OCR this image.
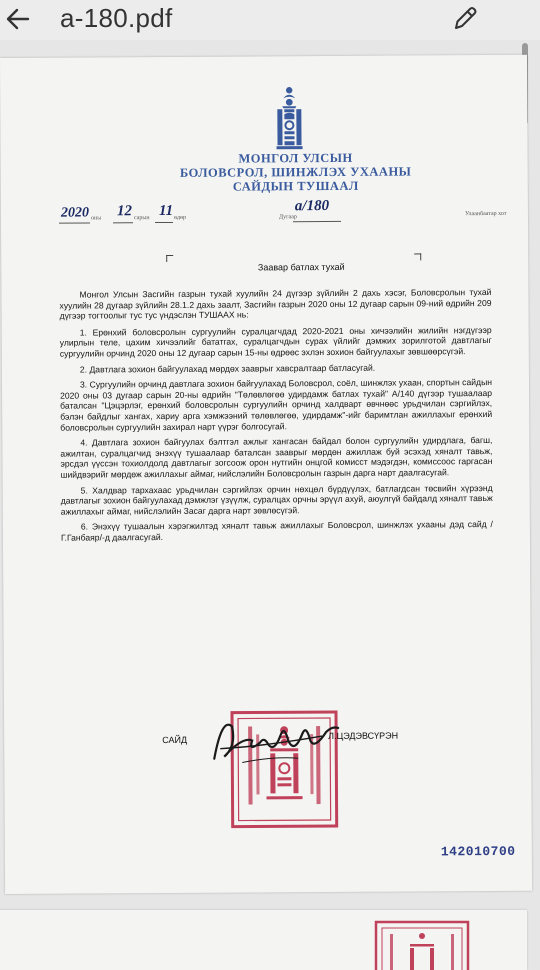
a-180.pdf
МОНГОЛ УЛСЫН
БОЛОВСРОЛ, ШИНЖЛЭХ УХААНЫ
САЙДЫН ТУШААЛ
2020 оны 12 сарын 11 өдөр	Дугаар
а/180	Улаанбаатар хот
Заавар батлах тухай

Монгол Улсын Засгийн газрын тухай хуулийн 24 дүгээр зүйлийн 2 дахь хэсэг, Боловсролын тухай хуулийн 28 дугаар зүйлийн 28.1.2 дахь заалт, Засгийн газрын 2020 оны 12 дугаар сарын 09-ний өдрийн 209 дүгээр тогтоолыг тус тус үндэслэн ТУШААХ нь:

1. Ерөнхий боловсролын сургуулийн суралцагчдад 2020-2021 оны хичээлийн жилийн нэгдүгээр улирлын теле, цахим хичээлийг бататгах, суралцагчдын сурах үйлийг дэмжих зорилготой давтлагыг сургуулийн орчинд 2020 оны 12 дугаар сарын 15-ны өдрөөс эхлэн зохион байгуулахыг зөвшөөрсүгэй.

2. Давтлага зохион байгуулахад мөрдөх зааврыг хавсралтаар батласугай.

3. Сургуулийн орчинд давтлага зохион байгуулахад Боловсрол, соёл, шинжлэх ухаан, спортын сайдын 2020 оны 03 дугаар сарын 20-ны өдрийн "Төлөвлөгөө удирдамж батлах тухай" А/140 дүгээр тушаалаар баталсан "Цэцэрлэг, ерөнхий боловсролын сургуулийн орчинд халдварт өвчнөөс урьдчилан сэргийлэх, бэлэн байдлыг хангах, хариу арга хэмжээний төлөвлөгөө, удирдамж"-ийг баримтлан ажиллахыг ерөнхий боловсролын сургуулийн захирал нарт үүрэг болгосугай.

4. Давтлага зохион байгуулах бэлтгэл ажлыг хангасан байдал болон сургуулийн удирдлага, багш, ажилтан, суралцагчид энэхүү тушаалаар баталсан зааврыг мөрдөн ажиллаж буй эсэхэд хяналт тавьж, эрсдэл үүссэн тохиолдолд давтлагыг зогсоож орон нутгийн онцгой комисст мэдэгдэн, комиссоос гаргасан шийдвэрийг мөрдөж ажиллахыг аймаг, нийслэлийн Боловсролын газрын дарга нарт даалгасугай.

5. Халдвар тархахаас урьдчилан сэргийлэх орчин нөхцөл бүрдүүлэх, батлагдсан төсвийн хүрээнд давтлагыг зохион байгуулахад дэмжлэг үзүүлж, суралцах орчны эрүүл ахуй, аюулгүй байдалд хяналт тавьж ажиллахыг аймаг, нийслэлийн Засаг дарга нарт зөвлөсүгэй.

6. Энэхүү тушаалын хэрэгжилтэд хяналт тавьж ажиллахыг Боловсрол, шинжлэх ухааны дэд сайд /Г.Ганбаяр/-д даалгасугай.

САЙД	Л.ЦЭДЭВСҮРЭН
142010700
